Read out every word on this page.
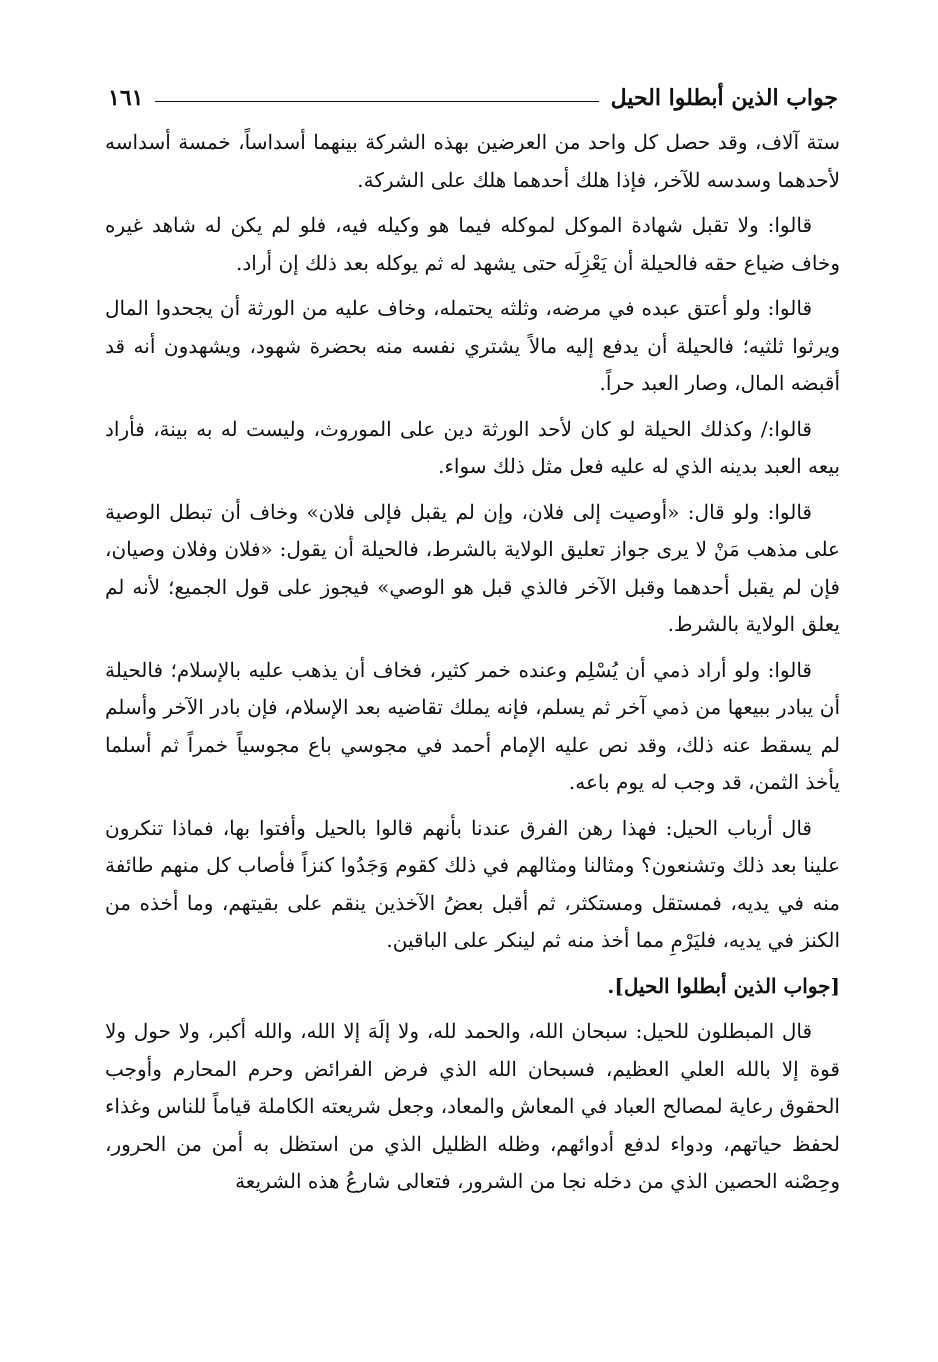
جواب الذين أبطلوا الحيل
١٦١

ستة آلاف، وقد حصل كل واحد من العرضين بهذه الشركة بينهما أسداساً، خمسة أسداسه لأحدهما وسدسه للآخر، فإذا هلك أحدهما هلك على الشركة.

قالوا: ولا تقبل شهادة الموكل لموكله فيما هو وكيله فيه، فلو لم يكن له شاهد غيره وخاف ضياع حقه فالحيلة أن يَعْزِلَه حتى يشهد له ثم يوكله بعد ذلك إن أراد.

قالوا: ولو أعتق عبده في مرضه، وثلثه يحتمله، وخاف عليه من الورثة أن يجحدوا المال ويرثوا ثلثيه؛ فالحيلة أن يدفع إليه مالاً يشتري نفسه منه بحضرة شهود، ويشهدون أنه قد أقبضه المال، وصار العبد حراً.

قالوا:/ وكذلك الحيلة لو كان لأحد الورثة دين على الموروث، وليست له به بينة، فأراد بيعه العبد بدينه الذي له عليه فعل مثل ذلك سواء.

قالوا: ولو قال: «أوصيت إلى فلان، وإن لم يقبل فإلى فلان» وخاف أن تبطل الوصية على مذهب مَنْ لا يرى جواز تعليق الولاية بالشرط، فالحيلة أن يقول: «فلان وفلان وصيان، فإن لم يقبل أحدهما وقبل الآخر فالذي قبل هو الوصي» فيجوز على قول الجميع؛ لأنه لم يعلق الولاية بالشرط.

قالوا: ولو أراد ذمي أن يُسْلِم وعنده خمر كثير، فخاف أن يذهب عليه بالإسلام؛ فالحيلة أن يبادر ببيعها من ذمي آخر ثم يسلم، فإنه يملك تقاضيه بعد الإسلام، فإن بادر الآخر وأسلم لم يسقط عنه ذلك، وقد نص عليه الإمام أحمد في مجوسي باع مجوسياً خمراً ثم أسلما يأخذ الثمن، قد وجب له يوم باعه.

قال أرباب الحيل: فهذا رهن الفرق عندنا بأنهم قالوا بالحيل وأفتوا بها، فماذا تنكرون علينا بعد ذلك وتشنعون؟ ومثالنا ومثالهم في ذلك كقوم وَجَدُوا كنزاً فأصاب كل منهم طائفة منه في يديه، فمستقل ومستكثر، ثم أقبل بعضُ الآخذين ينقم على بقيتهم، وما أخذه من الكنز في يديه، فليَرْمِ مما أخذ منه ثم لينكر على الباقين.

[جواب الذين أبطلوا الحيل].

قال المبطلون للحيل: سبحان الله، والحمد لله، ولا إلَهَ إلا الله، والله أكبر، ولا حول ولا قوة إلا بالله العلي العظيم، فسبحان الله الذي فرض الفرائض وحرم المحارم وأوجب الحقوق رعاية لمصالح العباد في المعاش والمعاد، وجعل شريعته الكاملة قياماً للناس وغذاء لحفظ حياتهم، ودواء لدفع أدوائهم، وظله الظليل الذي من استظل به أمن من الحرور، وحِصْنه الحصين الذي من دخله نجا من الشرور، فتعالى شارعُ هذه الشريعة
